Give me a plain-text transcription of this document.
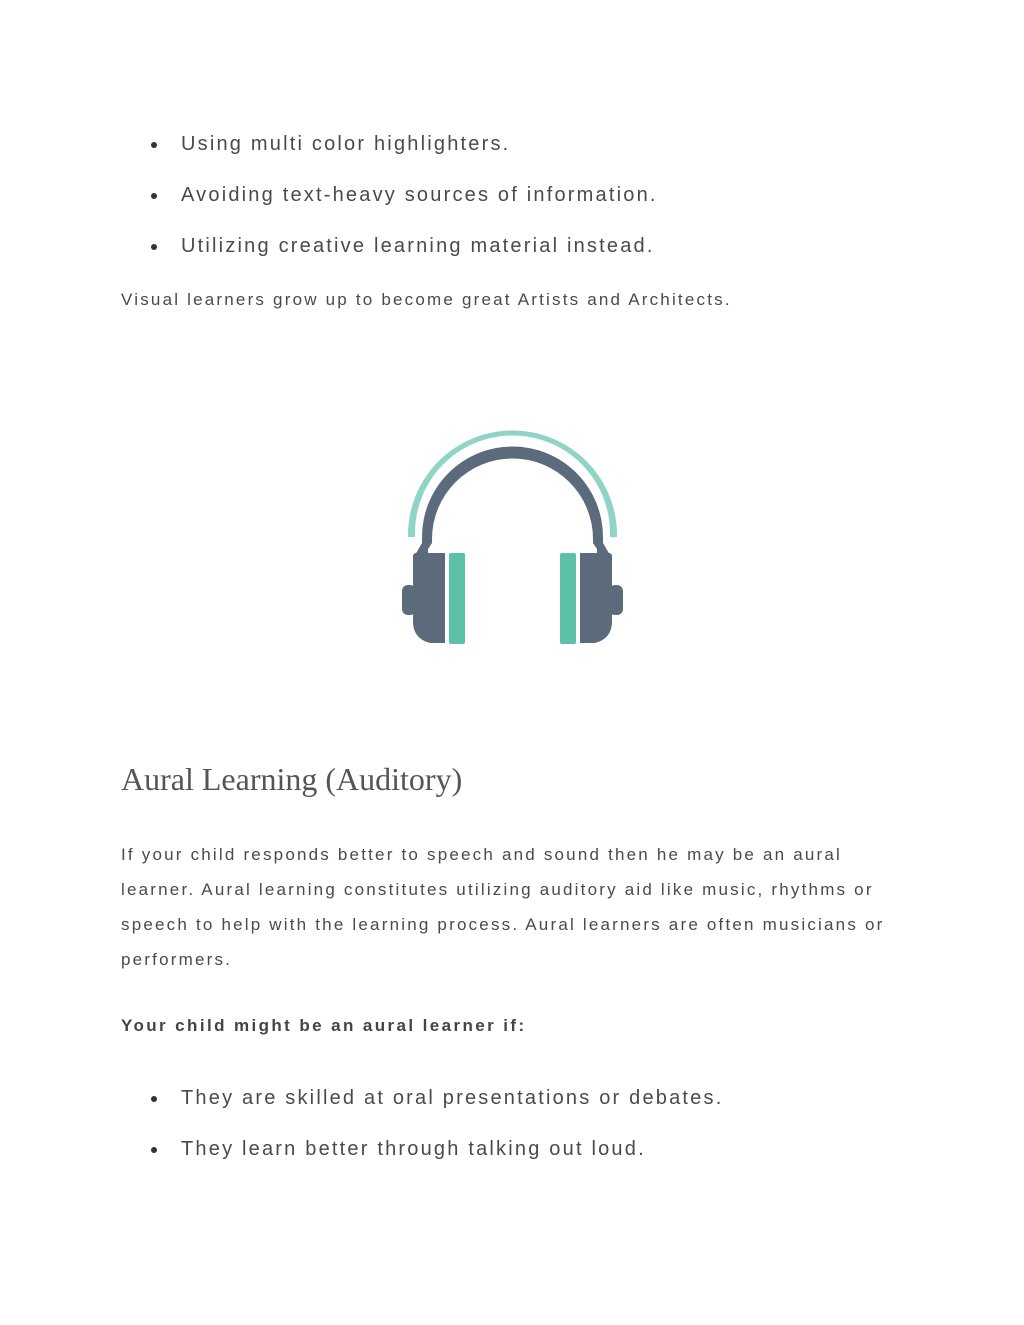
Using multi color highlighters.
Avoiding text-heavy sources of information.
Utilizing creative learning material instead.

Visual learners grow up to become great Artists and Architects.

Aural Learning (Auditory)

If your child responds better to speech and sound then he may be an aural learner. Aural learning constitutes utilizing auditory aid like music, rhythms or speech to help with the learning process. Aural learners are often musicians or performers.

Your child might be an aural learner if:

They are skilled at oral presentations or debates.
They learn better through talking out loud.
